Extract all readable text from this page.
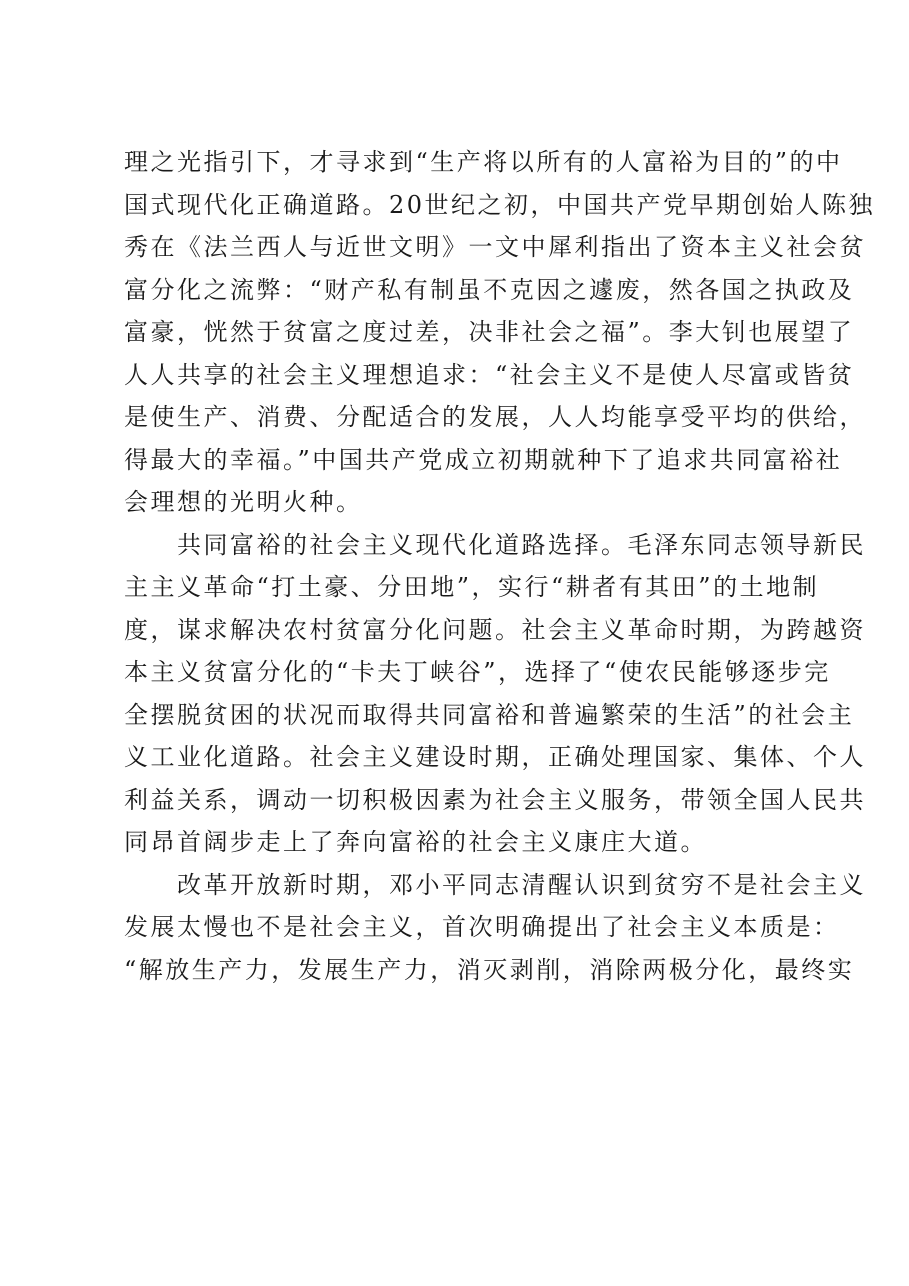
理之光指引下，才寻求到“生产将以所有的人富裕为目的”的中
国式现代化正确道路。20世纪之初，中国共产党早期创始人陈独
秀在《法兰西人与近世文明》一文中犀利指出了资本主义社会贫
富分化之流弊：“财产私有制虽不克因之遽废，然各国之执政及
富豪，恍然于贫富之度过差，决非社会之福”。李大钊也展望了
人人共享的社会主义理想追求：“社会主义不是使人尽富或皆贫
是使生产、消费、分配适合的发展，人人均能享受平均的供给，
得最大的幸福。”中国共产党成立初期就种下了追求共同富裕社
会理想的光明火种。
　　共同富裕的社会主义现代化道路选择。毛泽东同志领导新民
主主义革命“打土豪、分田地”，实行“耕者有其田”的土地制
度，谋求解决农村贫富分化问题。社会主义革命时期，为跨越资
本主义贫富分化的“卡夫丁峡谷”，选择了“使农民能够逐步完
全摆脱贫困的状况而取得共同富裕和普遍繁荣的生活”的社会主
义工业化道路。社会主义建设时期，正确处理国家、集体、个人
利益关系，调动一切积极因素为社会主义服务，带领全国人民共
同昂首阔步走上了奔向富裕的社会主义康庄大道。
　　改革开放新时期，邓小平同志清醒认识到贫穷不是社会主义
发展太慢也不是社会主义，首次明确提出了社会主义本质是：
“解放生产力，发展生产力，消灭剥削，消除两极分化，最终实
